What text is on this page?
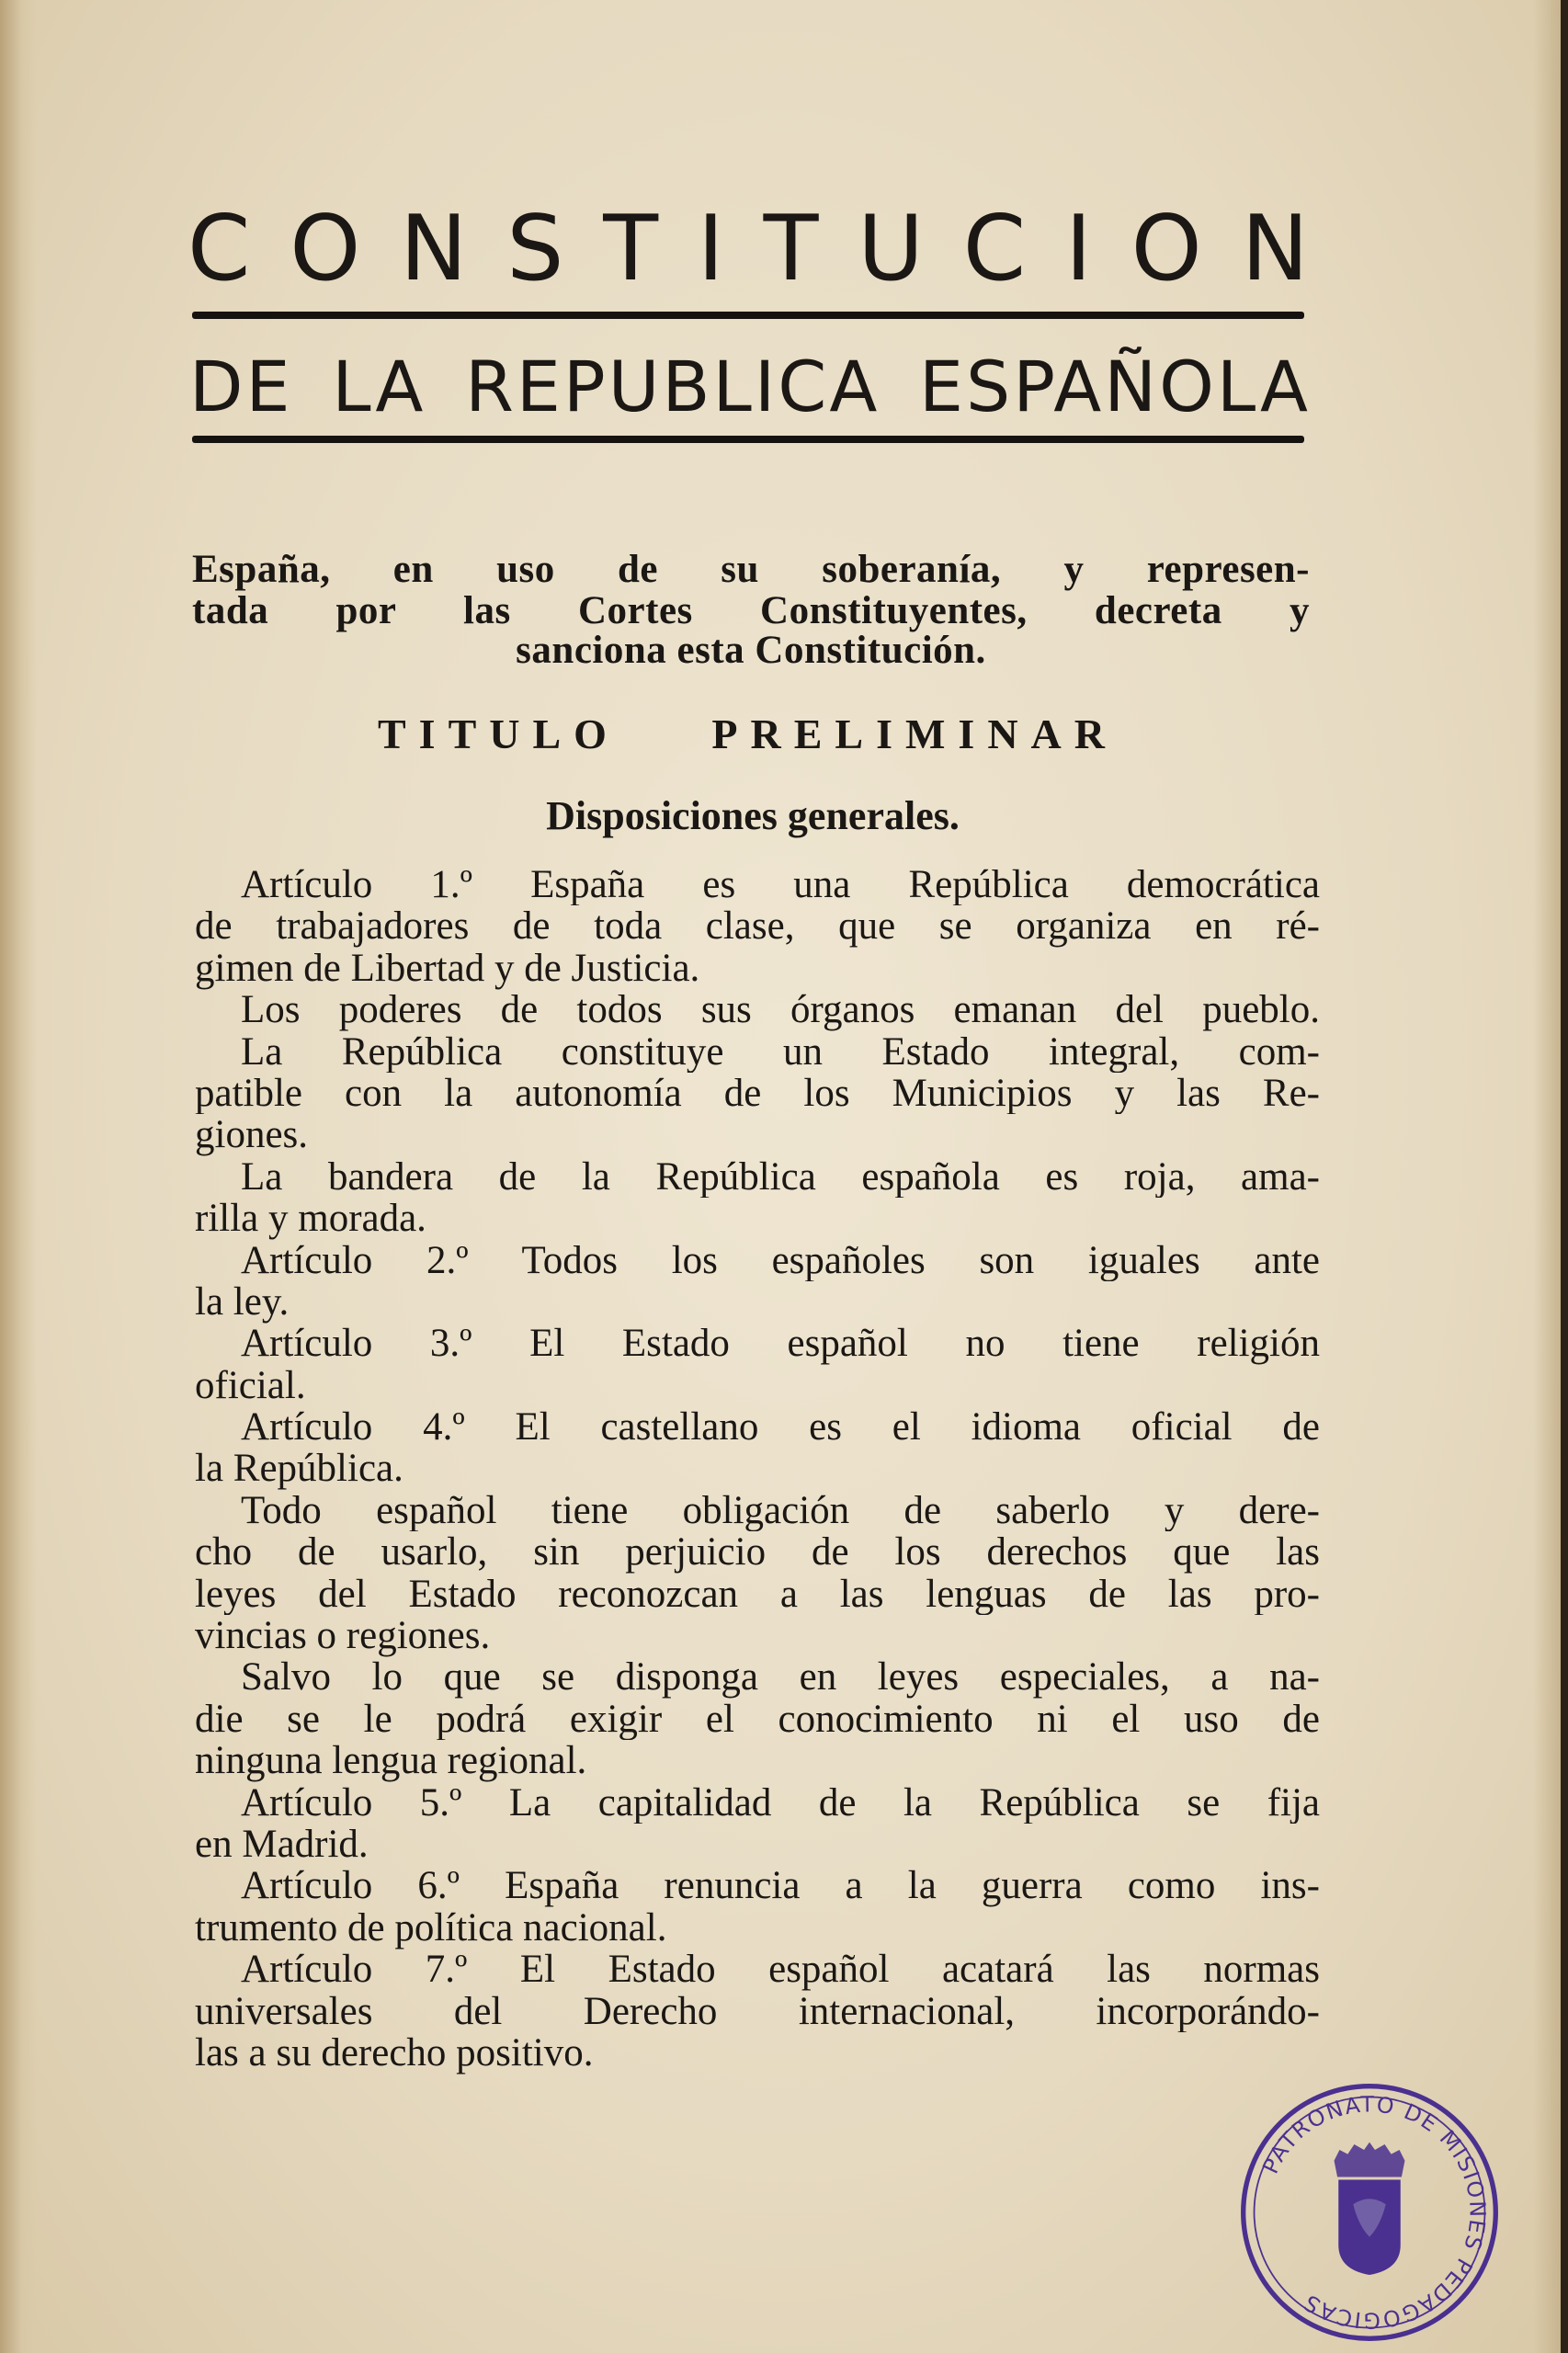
C O N S T I T U C I O N
DE LA REPUBLICA ESPAÑOLA
PATRONATO DE MISIONES PEDAGOGICAS
España, en uso de su soberanía, y represen-
tada por las Cortes Constituyentes, decreta y
sanciona esta Constitución.
TITULO PRELIMINAR
Disposiciones generales.
Artículo 1.º España es una República democrática
de trabajadores de toda clase, que se organiza en ré-
gimen de Libertad y de Justicia.
Los poderes de todos sus órganos emanan del pueblo.
La República constituye un Estado integral, com-
patible con la autonomía de los Municipios y las Re-
giones.
La bandera de la República española es roja, ama-
rilla y morada.
Artículo 2.º Todos los españoles son iguales ante
la ley.
Artículo 3.º El Estado español no tiene religión
oficial.
Artículo 4.º El castellano es el idioma oficial de
la República.
Todo español tiene obligación de saberlo y dere-
cho de usarlo, sin perjuicio de los derechos que las
leyes del Estado reconozcan a las lenguas de las pro-
vincias o regiones.
Salvo lo que se disponga en leyes especiales, a na-
die se le podrá exigir el conocimiento ni el uso de
ninguna lengua regional.
Artículo 5.º La capitalidad de la República se fija
en Madrid.
Artículo 6.º España renuncia a la guerra como ins-
trumento de política nacional.
Artículo 7.º El Estado español acatará las normas
universales del Derecho internacional, incorporándo-
las a su derecho positivo.
